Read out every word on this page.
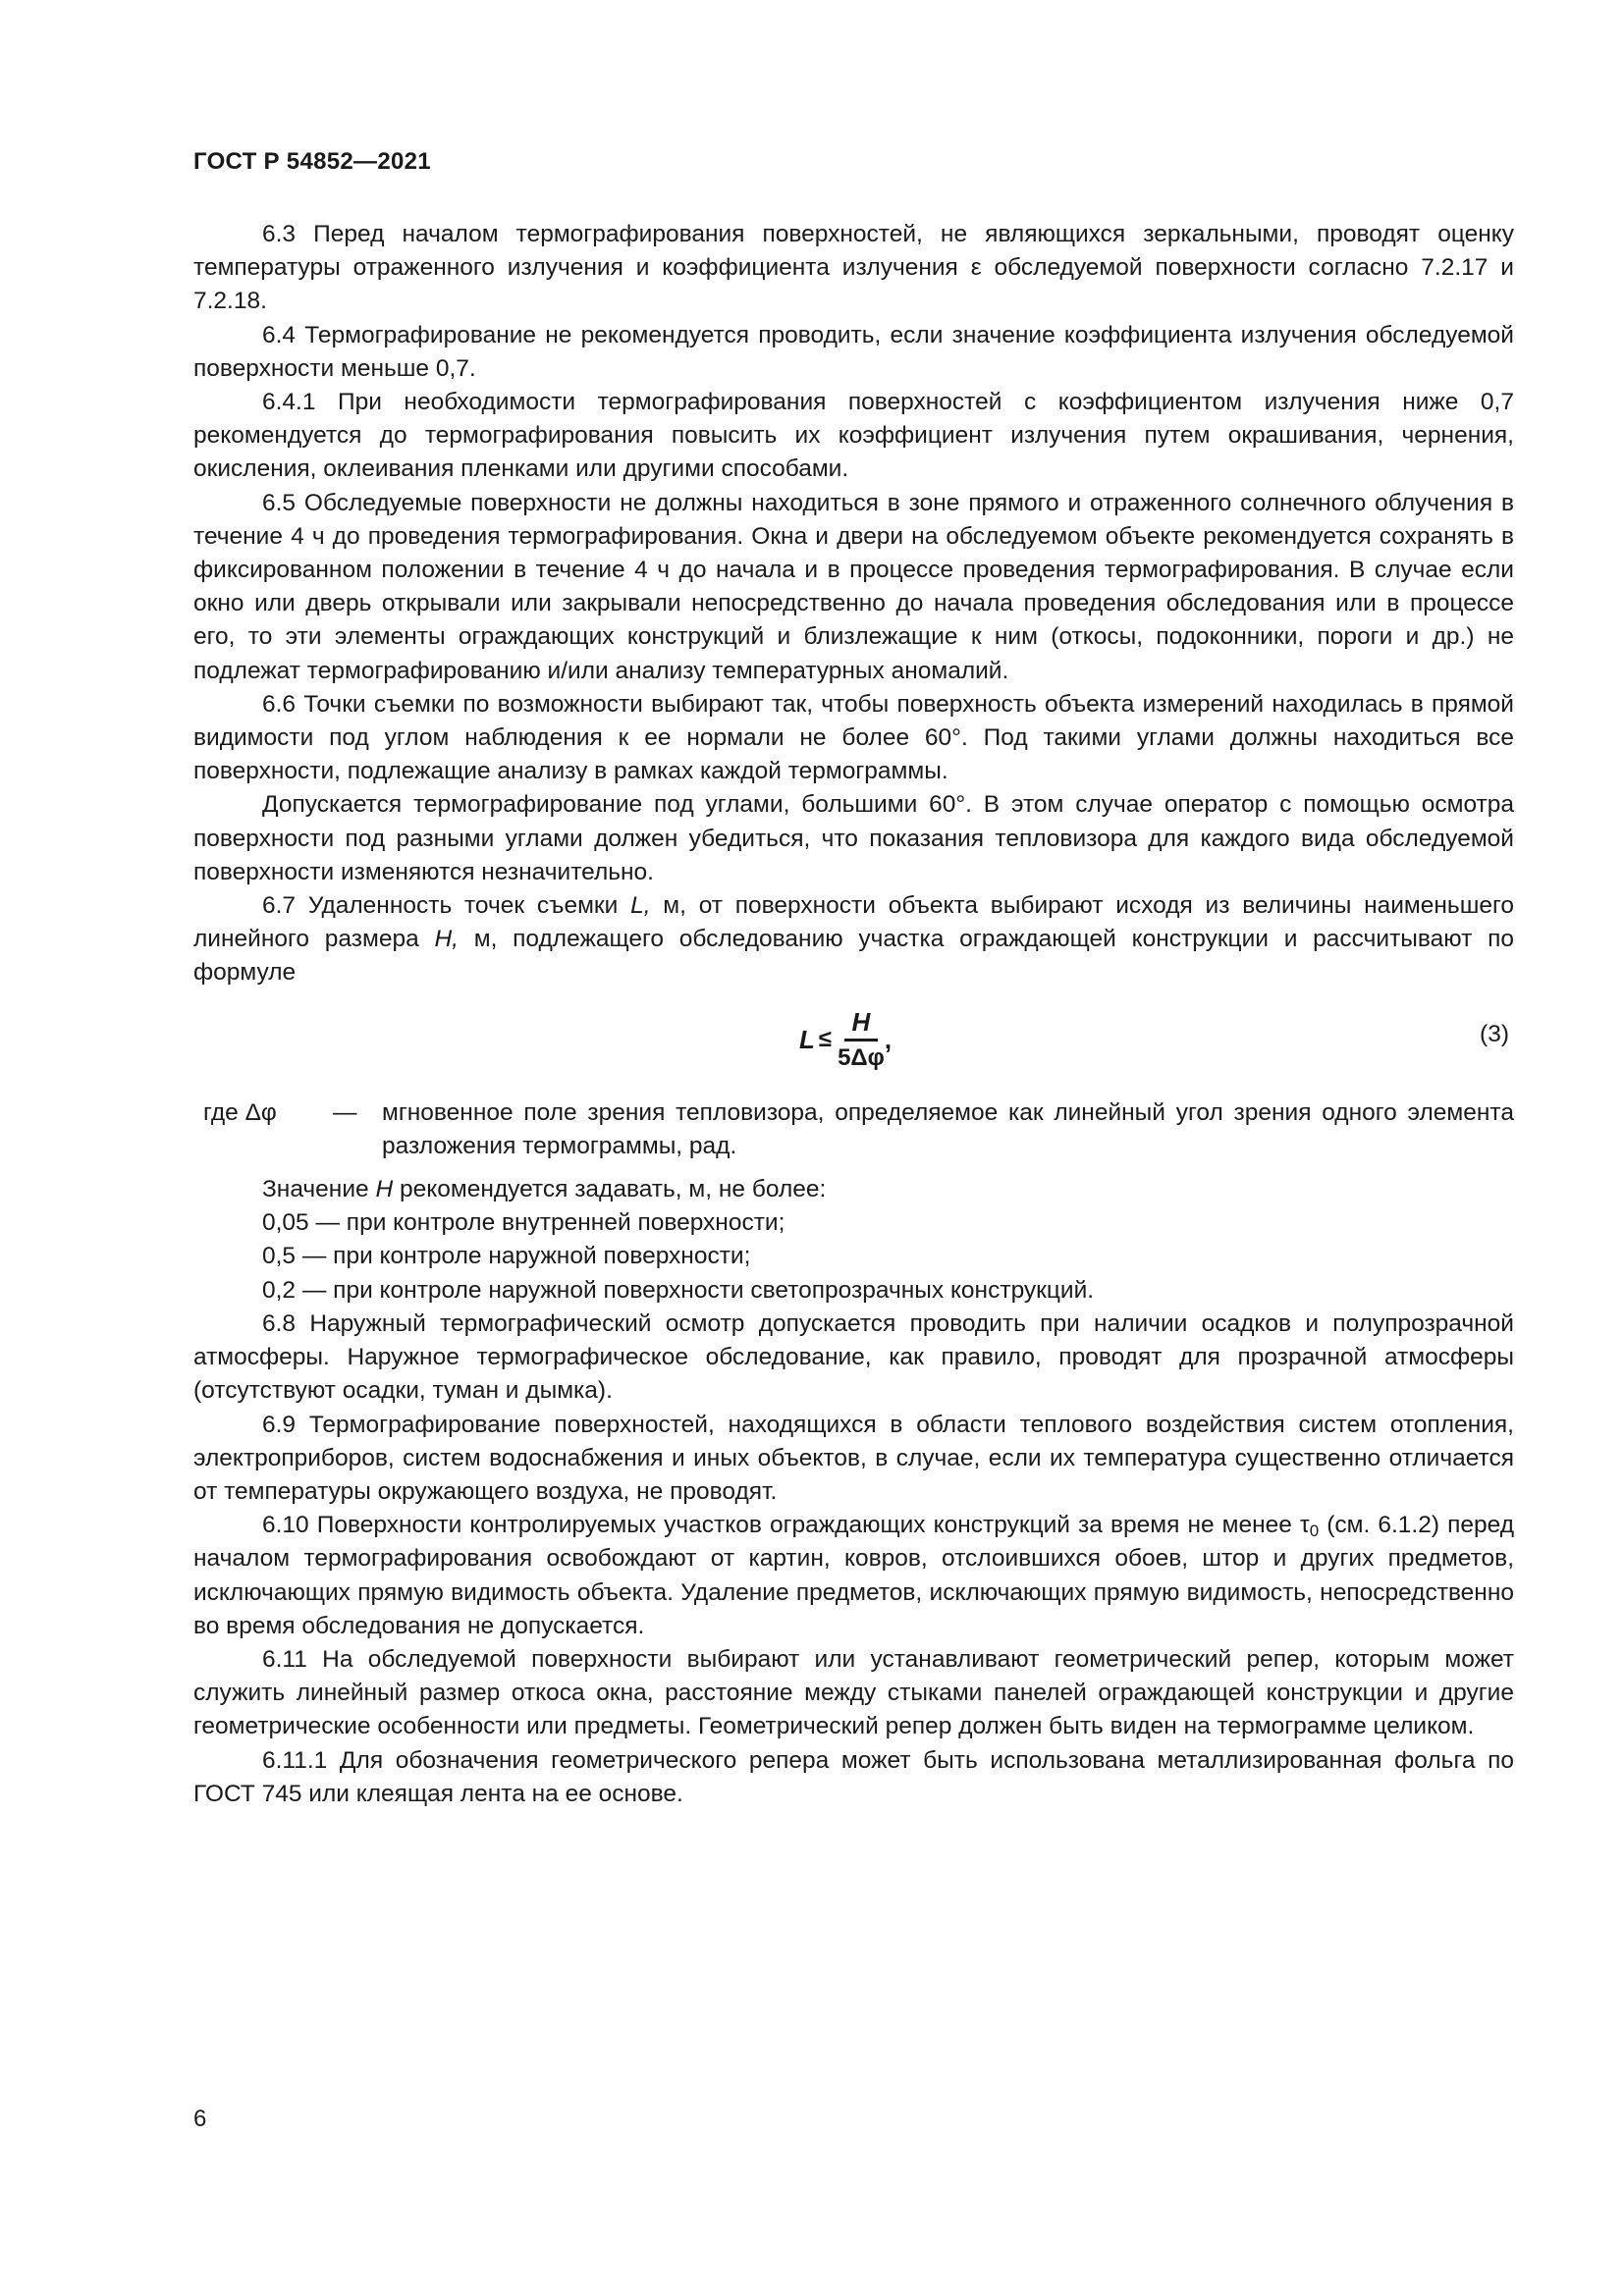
ГОСТ Р 54852—2021

6.3 Перед началом термографирования поверхностей, не являющихся зеркальными, проводят оценку температуры отраженного излучения и коэффициента излучения ε обследуемой поверхности согласно 7.2.17 и 7.2.18.

6.4 Термографирование не рекомендуется проводить, если значение коэффициента излучения обследуемой поверхности меньше 0,7.

6.4.1 При необходимости термографирования поверхностей с коэффициентом излучения ниже 0,7 рекомендуется до термографирования повысить их коэффициент излучения путем окрашивания, чернения, окисления, оклеивания пленками или другими способами.

6.5 Обследуемые поверхности не должны находиться в зоне прямого и отраженного солнечного облучения в течение 4 ч до проведения термографирования. Окна и двери на обследуемом объекте рекомендуется сохранять в фиксированном положении в течение 4 ч до начала и в процессе проведения термографирования. В случае если окно или дверь открывали или закрывали непосредственно до начала проведения обследования или в процессе его, то эти элементы ограждающих конструкций и близлежащие к ним (откосы, подоконники, пороги и др.) не подлежат термографированию и/или анализу температурных аномалий.

6.6 Точки съемки по возможности выбирают так, чтобы поверхность объекта измерений находилась в прямой видимости под углом наблюдения к ее нормали не более 60°. Под такими углами должны находиться все поверхности, подлежащие анализу в рамках каждой термограммы.

Допускается термографирование под углами, большими 60°. В этом случае оператор с помощью осмотра поверхности под разными углами должен убедиться, что показания тепловизора для каждого вида обследуемой поверхности изменяются незначительно.

6.7 Удаленность точек съемки L, м, от поверхности объекта выбирают исходя из величины наименьшего линейного размера H, м, подлежащего обследованию участка ограждающей конструкции и рассчитывают по формуле

$L \le \frac{H}{5\Delta\varphi}$ ,	(3)
где Δφ	—	мгновенное поле зрения тепловизора, определяемое как линейный угол зрения одного элемента разложения термограммы, рад.

Значение H рекомендуется задавать, м, не более:

0,05 — при контроле внутренней поверхности;

0,5 — при контроле наружной поверхности;

0,2 — при контроле наружной поверхности светопрозрачных конструкций.

6.8 Наружный термографический осмотр допускается проводить при наличии осадков и полупрозрачной атмосферы. Наружное термографическое обследование, как правило, проводят для прозрачной атмосферы (отсутствуют осадки, туман и дымка).

6.9 Термографирование поверхностей, находящихся в области теплового воздействия систем отопления, электроприборов, систем водоснабжения и иных объектов, в случае, если их температура существенно отличается от температуры окружающего воздуха, не проводят.

6.10 Поверхности контролируемых участков ограждающих конструкций за время не менее $\tau_0$ (см. 6.1.2) перед началом термографирования освобождают от картин, ковров, отслоившихся обоев, штор и других предметов, исключающих прямую видимость объекта. Удаление предметов, исключающих прямую видимость, непосредственно во время обследования не допускается.

6.11 На обследуемой поверхности выбирают или устанавливают геометрический репер, которым может служить линейный размер откоса окна, расстояние между стыками панелей ограждающей конструкции и другие геометрические особенности или предметы. Геометрический репер должен быть виден на термограмме целиком.

6.11.1 Для обозначения геометрического репера может быть использована металлизированная фольга по ГОСТ 745 или клеящая лента на ее основе.

6
